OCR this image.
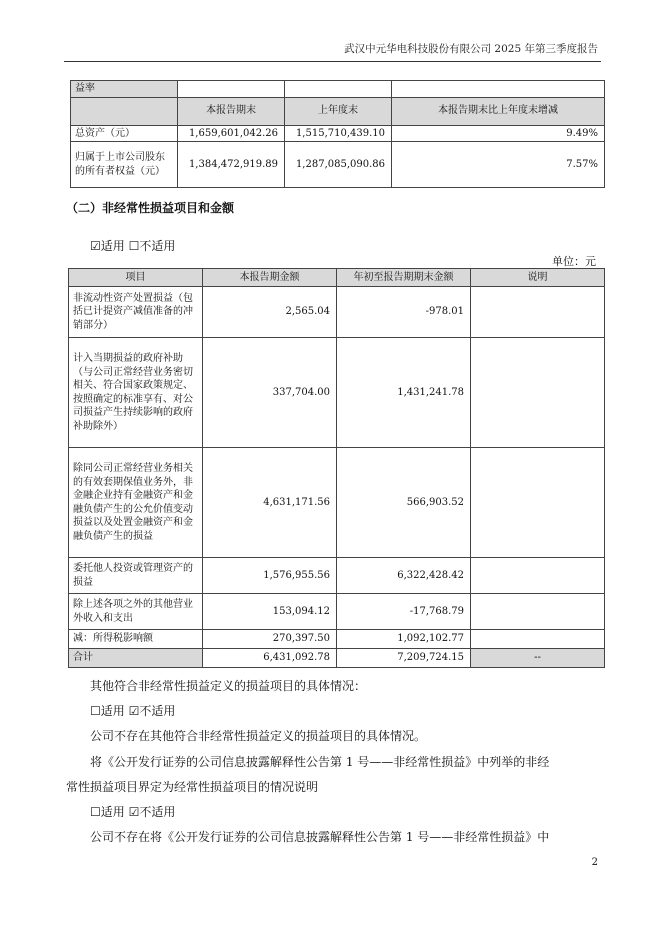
武汉中元华电科技股份有限公司 2025 年第三季度报告
益率			
	本报告期末	上年度末	本报告期末比上年度末增减
总资产（元）	1,659,601,042.26	1,515,710,439.10	9.49%
归属于上市公司股东的所有者权益（元）	1,384,472,919.89	1,287,085,090.86	7.57%
（二）非经常性损益项目和金额
☑适用 ☐不适用
单位：元
项目	本报告期金额	年初至报告期期末金额	说明
非流动性资产处置损益（包括已计提资产减值准备的冲销部分）	2,565.04	-978.01	
计入当期损益的政府补助（与公司正常经营业务密切相关、符合国家政策规定、按照确定的标准享有、对公司损益产生持续影响的政府补助除外）	337,704.00	1,431,241.78	
除同公司正常经营业务相关的有效套期保值业务外，非金融企业持有金融资产和金融负债产生的公允价值变动损益以及处置金融资产和金融负债产生的损益	4,631,171.56	566,903.52	
委托他人投资或管理资产的损益	1,576,955.56	6,322,428.42	
除上述各项之外的其他营业外收入和支出	153,094.12	-17,768.79	
减：所得税影响额	270,397.50	1,092,102.77	
合计	6,431,092.78	7,209,724.15	--
其他符合非经常性损益定义的损益项目的具体情况：
☐适用 ☑不适用
公司不存在其他符合非经常性损益定义的损益项目的具体情况。
将《公开发行证券的公司信息披露解释性公告第 1 号——非经常性损益》中列举的非经
常性损益项目界定为经常性损益项目的情况说明
☐适用 ☑不适用
公司不存在将《公开发行证券的公司信息披露解释性公告第 1 号——非经常性损益》中
2
